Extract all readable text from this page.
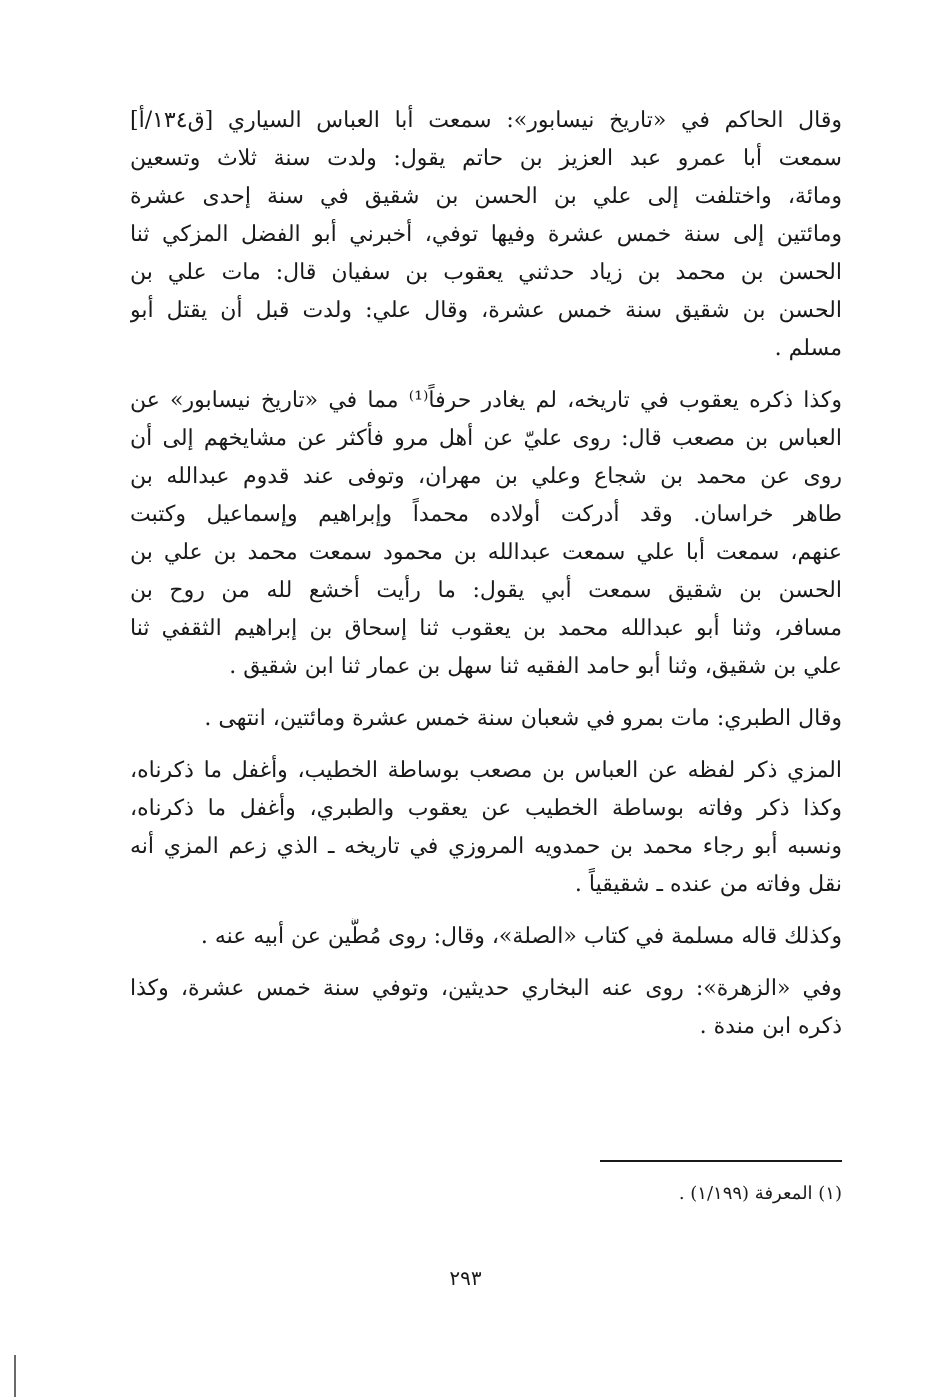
وقال الحاكم في «تاريخ نيسابور»: سمعت أبا العباس السياري [ق١٣٤/أ]
سمعت أبا عمرو عبد العزيز بن حاتم يقول: ولدت سنة ثلاث وتسعين
ومائة، واختلفت إلى علي بن الحسن بن شقيق في سنة إحدى عشرة
ومائتين إلى سنة خمس عشرة وفيها توفي، أخبرني أبو الفضل المزكي ثنا
الحسن بن محمد بن زياد حدثني يعقوب بن سفيان قال: مات علي بن
الحسن بن شقيق سنة خمس عشرة، وقال علي: ولدت قبل أن يقتل أبو
مسلم .

وكذا ذكره يعقوب في تاريخه، لم يغادر حرفاً⁽¹⁾ مما في «تاريخ نيسابور» عن
العباس بن مصعب قال: روى عليّ عن أهل مرو فأكثر عن مشايخهم إلى أن
روى عن محمد بن شجاع وعلي بن مهران، وتوفى عند قدوم عبدالله بن
طاهر خراسان. وقد أدركت أولاده محمداً وإبراهيم وإسماعيل وكتبت
عنهم، سمعت أبا علي سمعت عبدالله بن محمود سمعت محمد بن علي بن
الحسن بن شقيق سمعت أبي يقول: ما رأيت أخشع لله من روح بن
مسافر، وثنا أبو عبدالله محمد بن يعقوب ثنا إسحاق بن إبراهيم الثقفي ثنا
علي بن شقيق، وثنا أبو حامد الفقيه ثنا سهل بن عمار ثنا ابن شقيق .

وقال الطبري: مات بمرو في شعبان سنة خمس عشرة ومائتين، انتهى .

المزي ذكر لفظه عن العباس بن مصعب بوساطة الخطيب، وأغفل ما ذكرناه،
وكذا ذكر وفاته بوساطة الخطيب عن يعقوب والطبري، وأغفل ما ذكرناه،
ونسبه أبو رجاء محمد بن حمدويه المروزي في تاريخه ـ الذي زعم المزي أنه
نقل وفاته من عنده ـ شقيقياً .

وكذلك قاله مسلمة في كتاب «الصلة»، وقال: روى مُطَّين عن أبيه عنه .

وفي «الزهرة»: روى عنه البخاري حديثين، وتوفي سنة خمس عشرة، وكذا
ذكره ابن مندة .

(١) المعرفة (١/١٩٩) .
٢٩٣
